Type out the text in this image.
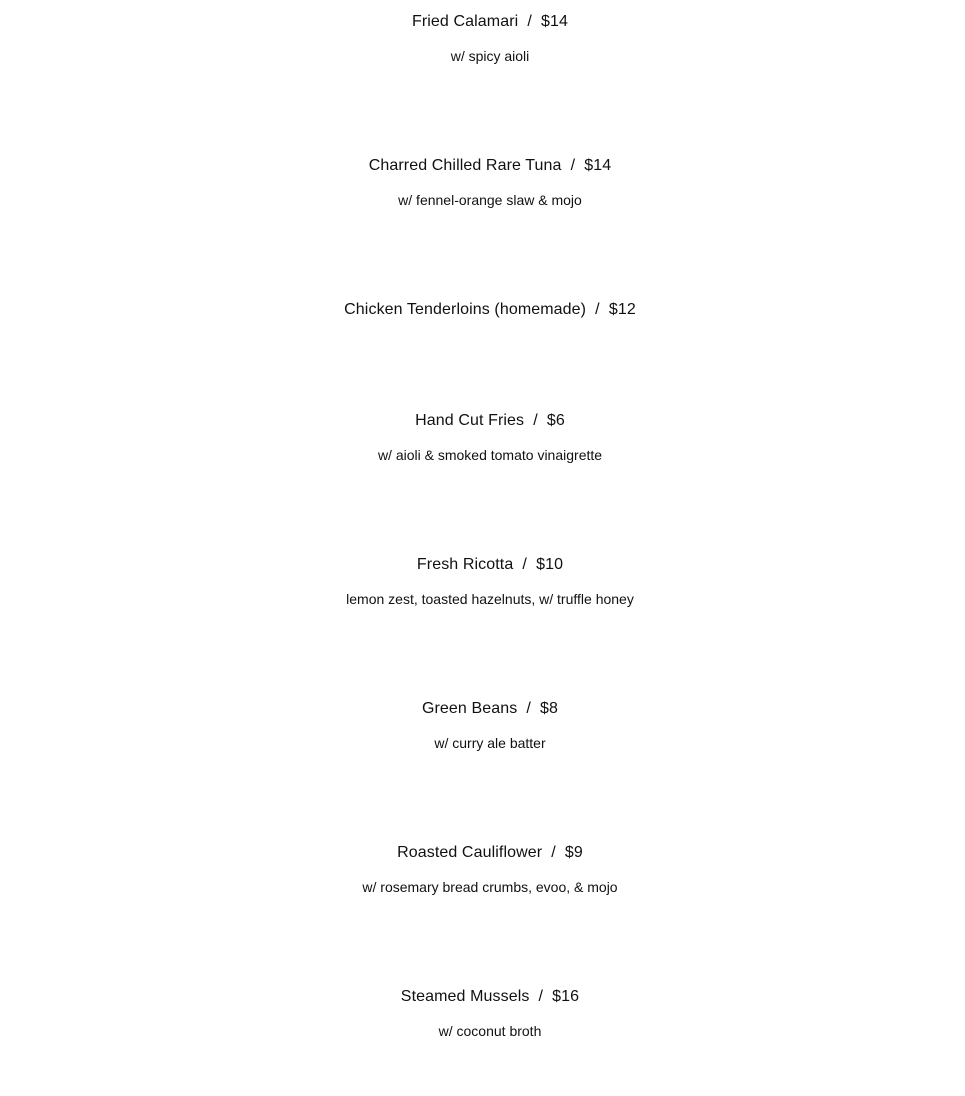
Fried Calamari  /  $14
w/ spicy aioli
Charred Chilled Rare Tuna  /  $14
w/ fennel-orange slaw & mojo
Chicken Tenderloins (homemade)  /  $12
Hand Cut Fries  /  $6
w/ aioli & smoked tomato vinaigrette
Fresh Ricotta  /  $10
lemon zest, toasted hazelnuts, w/ truffle honey
Green Beans  /  $8
w/ curry ale batter
Roasted Cauliflower  /  $9
w/ rosemary bread crumbs, evoo, & mojo
Steamed Mussels  /  $16
w/ coconut broth
